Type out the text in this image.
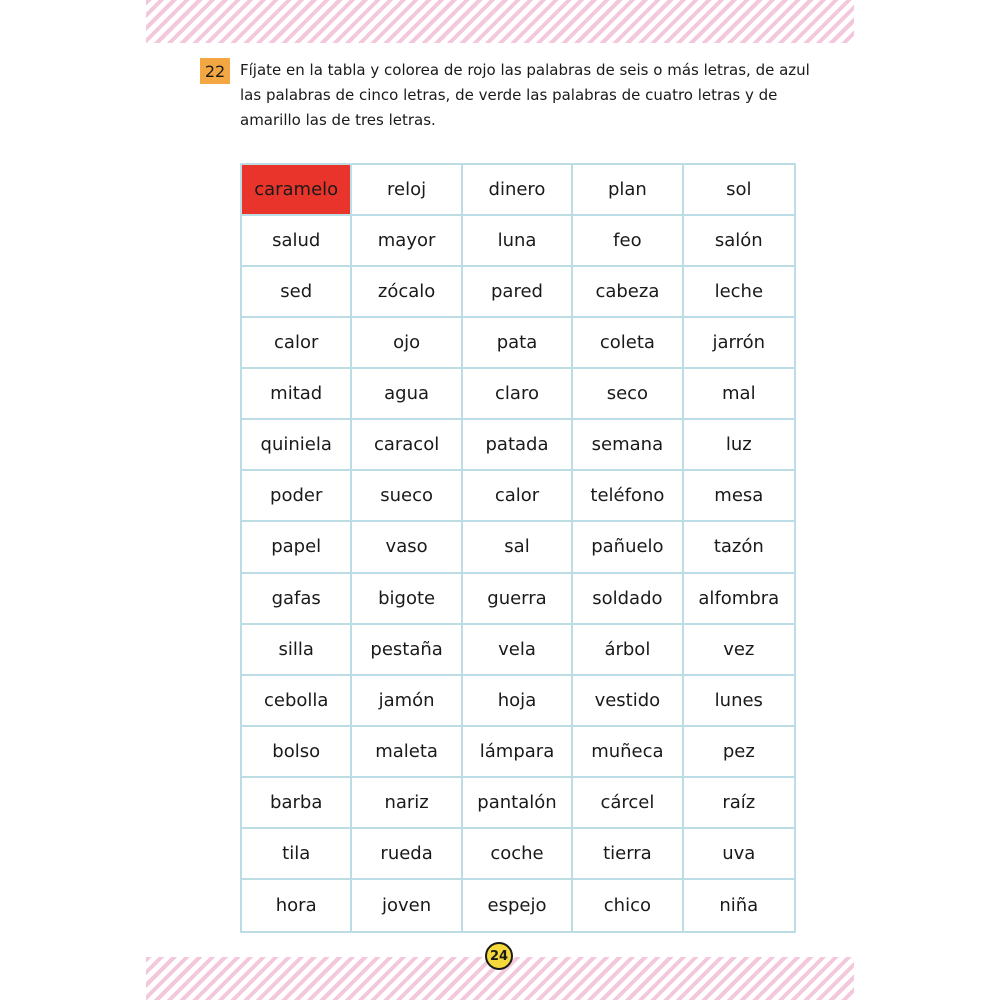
22 Fíjate en la tabla y colorea de rojo las palabras de seis o más letras, de azul las palabras de cinco letras, de verde las palabras de cuatro letras y de amarillo las de tres letras.

caramelo	reloj	dinero	plan	sol
salud	mayor	luna	feo	salón
sed	zócalo	pared	cabeza	leche
calor	ojo	pata	coleta	jarrón
mitad	agua	claro	seco	mal
quiniela	caracol	patada	semana	luz
poder	sueco	calor	teléfono	mesa
papel	vaso	sal	pañuelo	tazón
gafas	bigote	guerra	soldado	alfombra
silla	pestaña	vela	árbol	vez
cebolla	jamón	hoja	vestido	lunes
bolso	maleta	lámpara	muñeca	pez
barba	nariz	pantalón	cárcel	raíz
tila	rueda	coche	tierra	uva
hora	joven	espejo	chico	niña
24
